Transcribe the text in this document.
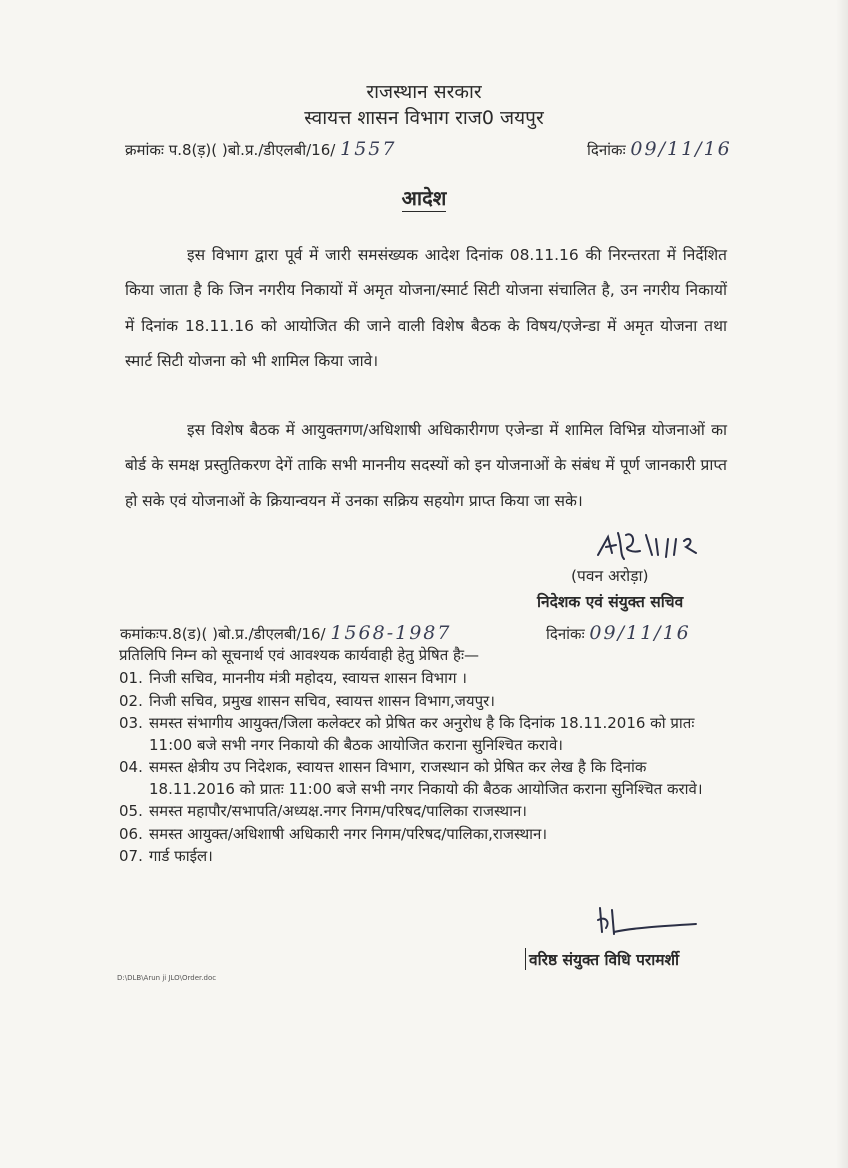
राजस्थान सरकार
स्वायत्त शासन विभाग राज0 जयपुर
क्रमांकः प.8(ड़)( )बो.प्र./डीएलबी/16/ 1557	दिनांकः 09/11/16
आदेश

इस विभाग द्वारा पूर्व में जारी समसंख्यक आदेश दिनांक 08.11.16 की निरन्तरता में निर्देशित किया जाता है कि जिन नगरीय निकायों में अमृत योजना/स्मार्ट सिटी योजना संचालित है, उन नगरीय निकायों में दिनांक 18.11.16 को आयोजित की जाने वाली विशेष बैठक के विषय/एजेन्डा में अमृत योजना तथा स्मार्ट सिटी योजना को भी शामिल किया जावे।

इस विशेष बैठक में आयुक्तगण/अधिशाषी अधिकारीगण एजेन्डा में शामिल विभिन्न योजनाओं का बोर्ड के समक्ष प्रस्तुतिकरण देगें ताकि सभी माननीय सदस्यों को इन योजनाओं के संबंध में पूर्ण जानकारी प्राप्त हो सके एवं योजनाओं के क्रियान्वयन में उनका सक्रिय सहयोग प्राप्त किया जा सके।

(पवन अरोड़ा)
निदेशक एवं संयुक्त सचिव
कमांकःप.8(ड)( )बो.प्र./डीएलबी/16/ 1568-1987	दिनांकः 09/11/16
प्रतिलिपि निम्न को सूचनार्थ एवं आवश्यक कार्यवाही हेतु प्रेषित हैः—
01. निजी सचिव, माननीय मंत्री महोदय, स्वायत्त शासन विभाग ।
02. निजी सचिव, प्रमुख शासन सचिव, स्वायत्त शासन विभाग,जयपुर।
03. समस्त संभागीय आयुक्त/जिला कलेक्टर को प्रेषित कर अनुरोध है कि दिनांक 18.11.2016 को प्रातः 11:00 बजे सभी नगर निकायो की बैठक आयोजित कराना सुनिश्चित करावे।
04. समस्त क्षेत्रीय उप निदेशक, स्वायत्त शासन विभाग, राजस्थान को प्रेषित कर लेख है कि दिनांक 18.11.2016 को प्रातः 11:00 बजे सभी नगर निकायो की बैठक आयोजित कराना सुनिश्चित करावे।
05. समस्त महापौर/सभापति/अध्यक्ष.नगर निगम/परिषद/पालिका राजस्थान।
06. समस्त आयुक्त/अधिशाषी अधिकारी नगर निगम/परिषद/पालिका,राजस्थान।
07. गार्ड फाईल।
वरिष्ठ संयुक्त विधि परामर्शी
D:\DLB\Arun ji JLO\Order.doc
